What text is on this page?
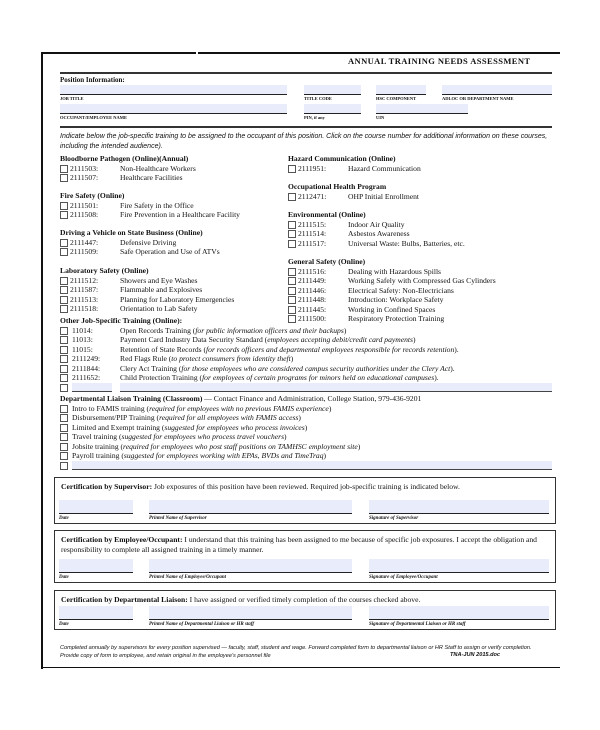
ANNUAL TRAINING NEEDS ASSESSMENT
Position Information:
JOB TITLE	TITLE CODE	HSC COMPONENT	ADLOC OR DEPARTMENT NAME
OCCUPANT/EMPLOYEE NAME	PIN, if any	UIN
Indicate below the job-specific training to be assigned to the occupant of this position. Click on the course number for additional information on these courses, including the intended audience).
Bloodborne Pathogen (Online)(Annual)
2111503:	Non-Healthcare Workers
2111507:	Healthcare Facilities
Fire Safety (Online)
2111501:	Fire Safety in the Office
2111508:	Fire Prevention in a Healthcare Facility
Driving a Vehicle on State Business (Online)
2111447:	Defensive Driving
2111509:	Safe Operation and Use of ATVs
Laboratory Safety (Online)
2111512:	Showers and Eye Washes
2111587:	Flammable and Explosives
2111513:	Planning for Laboratory Emergencies
2111518:	Orientation to Lab Safety
Hazard Communication (Online)
2111951:	Hazard Communication
Occupational Health Program
2112471:	OHP Initial Enrollment
Environmental (Online)
2111515:	Indoor Air Quality
2111514:	Asbestos Awareness
2111517:	Universal Waste: Bulbs, Batteries, etc.
General Safety (Online)
2111516:	Dealing with Hazardous Spills
2111449:	Working Safely with Compressed Gas Cylinders
2111446:	Electrical Safety: Non-Electricians
2111448:	Introduction: Workplace Safety
2111445:	Working in Confined Spaces
2111500:	Respiratory Protection Training
Other Job-Specific Training (Online):
11014:	Open Records Training (for public information officers and their backups)
11013:	Payment Card Industry Data Security Standard (employees accepting debit/credit card payments)
11015:	Retention of State Records (for records officers and departmental employees responsible for records retention).
2111249:	Red Flags Rule (to protect consumers from identity theft)
2111844:	Clery Act Training (for those employees who are considered campus security authorities under the Clery Act).
2111652:	Child Protection Training (for employees of certain programs for minors held on educational campuses).
Departmental Liaison Training (Classroom) — Contact Finance and Administration, College Station, 979-436-9201
Intro to FAMIS training (required for employees with no previous FAMIS experience)
Disbursement/PIP Training (required for all employees with FAMIS access)
Limited and Exempt training (suggested for employees who process invoices)
Travel training (suggested for employees who process travel vouchers)
Jobsite training (required for employees who post staff positions on TAMHSC employment site)
Payroll training (suggested for employees working with EPAs, BVDs and TimeTraq)
Certification by Supervisor: Job exposures of this position have been reviewed. Required job-specific training is indicated below.
Date	Printed Name of Supervisor	Signature of Supervisor
Certification by Employee/Occupant: I understand that this training has been assigned to me because of specific job exposures. I accept the obligation and responsibility to complete all assigned training in a timely manner.
Date	Printed Name of Employee/Occupant	Signature of Employee/Occupant
Certification by Departmental Liaison: I have assigned or verified timely completion of the courses checked above.
Date	Printed Name of Departmental Liaison or HR staff	Signature of Departmental Liaison or HR staff
Completed annually by supervisors for every position supervised — faculty, staff, student and wage. Forward completed form to departmental liaison or HR Staff to assign or verify completion. Provide copy of form to employee, and retain original in the employee's personnel file	TNA-JUN 2015.doc
